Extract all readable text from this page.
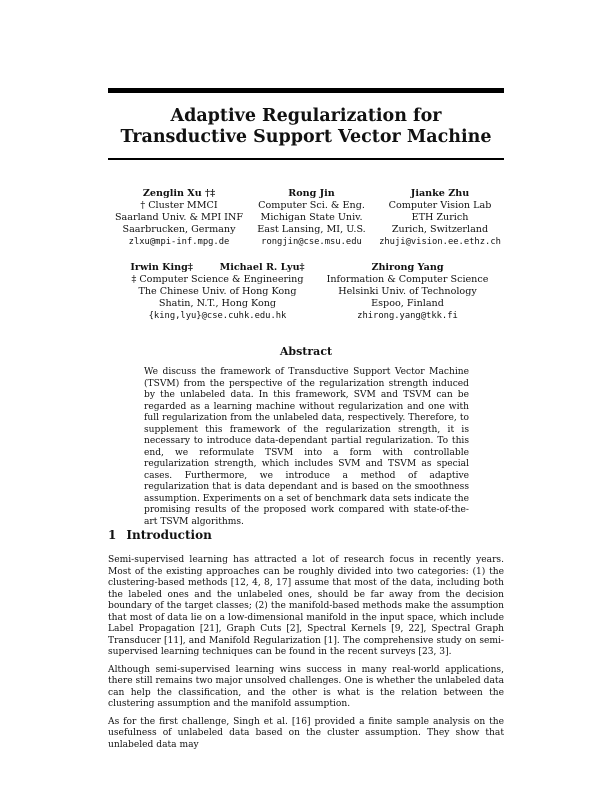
Adaptive Regularization for
Transductive Support Vector Machine
Zenglin Xu †‡
† Cluster MMCI
Saarland Univ. & MPI INF
Saarbrucken, Germany
zlxu@mpi-inf.mpg.de
Rong Jin
Computer Sci. & Eng.
Michigan State Univ.
East Lansing, MI, U.S.
rongjin@cse.msu.edu
Jianke Zhu
Computer Vision Lab
ETH Zurich
Zurich, Switzerland
zhuji@vision.ee.ethz.ch
Irwin King‡        Michael R. Lyu‡
‡ Computer Science & Engineering
The Chinese Univ. of Hong Kong
Shatin, N.T., Hong Kong
{king,lyu}@cse.cuhk.edu.hk
Zhirong Yang
Information & Computer Science
Helsinki Univ. of Technology
Espoo, Finland
zhirong.yang@tkk.fi
Abstract
We discuss the framework of Transductive Support Vector Machine (TSVM) from the perspective of the regularization strength induced by the unlabeled data. In this framework, SVM and TSVM can be regarded as a learning machine without regularization and one with full regularization from the unlabeled data, respectively. Therefore, to supplement this framework of the regularization strength, it is necessary to introduce data-dependant partial regularization. To this end, we reformulate TSVM into a form with controllable regularization strength, which includes SVM and TSVM as special cases. Furthermore, we introduce a method of adaptive regularization that is data dependant and is based on the smoothness assumption. Experiments on a set of benchmark data sets indicate the promising results of the proposed work compared with state-of-the-art TSVM algorithms.
1 Introduction

Semi-supervised learning has attracted a lot of research focus in recently years. Most of the existing approaches can be roughly divided into two categories: (1) the clustering-based methods [12, 4, 8, 17] assume that most of the data, including both the labeled ones and the unlabeled ones, should be far away from the decision boundary of the target classes; (2) the manifold-based methods make the assumption that most of data lie on a low-dimensional manifold in the input space, which include Label Propagation [21], Graph Cuts [2], Spectral Kernels [9, 22], Spectral Graph Transducer [11], and Manifold Regularization [1]. The comprehensive study on semi-supervised learning techniques can be found in the recent surveys [23, 3].

Although semi-supervised learning wins success in many real-world applications, there still remains two major unsolved challenges. One is whether the unlabeled data can help the classification, and the other is what is the relation between the clustering assumption and the manifold assumption.

As for the first challenge, Singh et al. [16] provided a finite sample analysis on the usefulness of unlabeled data based on the cluster assumption. They show that unlabeled data may
